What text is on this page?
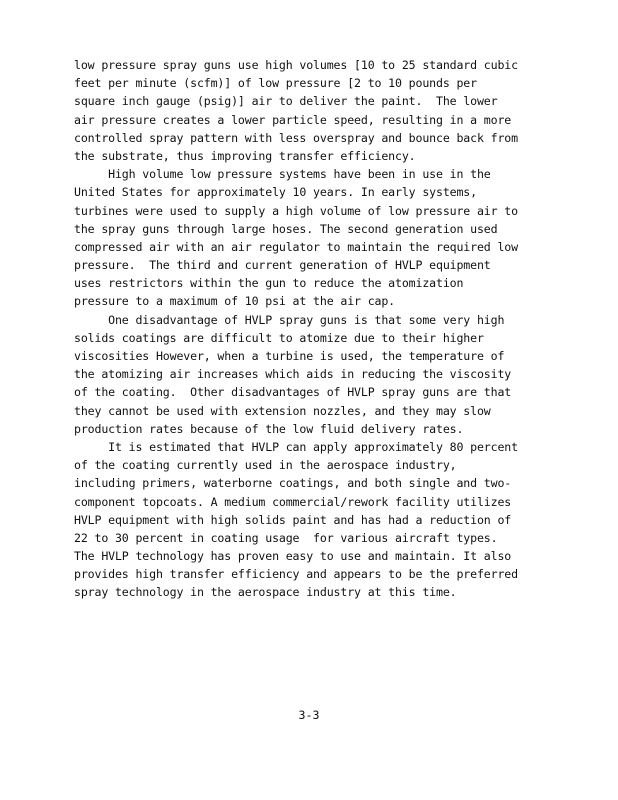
low pressure spray guns use high volumes [10 to 25 standard cubic
feet per minute (scfm)] of low pressure [2 to 10 pounds per
square inch gauge (psig)] air to deliver the paint.  The lower
air pressure creates a lower particle speed, resulting in a more
controlled spray pattern with less overspray and bounce back from
the substrate, thus improving transfer efficiency.
High volume low pressure systems have been in use in the
United States for approximately 10 years. In early systems,
turbines were used to supply a high volume of low pressure air to
the spray guns through large hoses. The second generation used
compressed air with an air regulator to maintain the required low
pressure.  The third and current generation of HVLP equipment
uses restrictors within the gun to reduce the atomization
pressure to a maximum of 10 psi at the air cap.
One disadvantage of HVLP spray guns is that some very high
solids coatings are difficult to atomize due to their higher
viscosities However, when a turbine is used, the temperature of
the atomizing air increases which aids in reducing the viscosity
of the coating.  Other disadvantages of HVLP spray guns are that
they cannot be used with extension nozzles, and they may slow
production rates because of the low fluid delivery rates.
It is estimated that HVLP can apply approximately 80 percent
of the coating currently used in the aerospace industry,
including primers, waterborne coatings, and both single and two-
component topcoats. A medium commercial/rework facility utilizes
HVLP equipment with high solids paint and has had a reduction of
22 to 30 percent in coating usage  for various aircraft types.
The HVLP technology has proven easy to use and maintain. It also
provides high transfer efficiency and appears to be the preferred
spray technology in the aerospace industry at this time.
3-3
